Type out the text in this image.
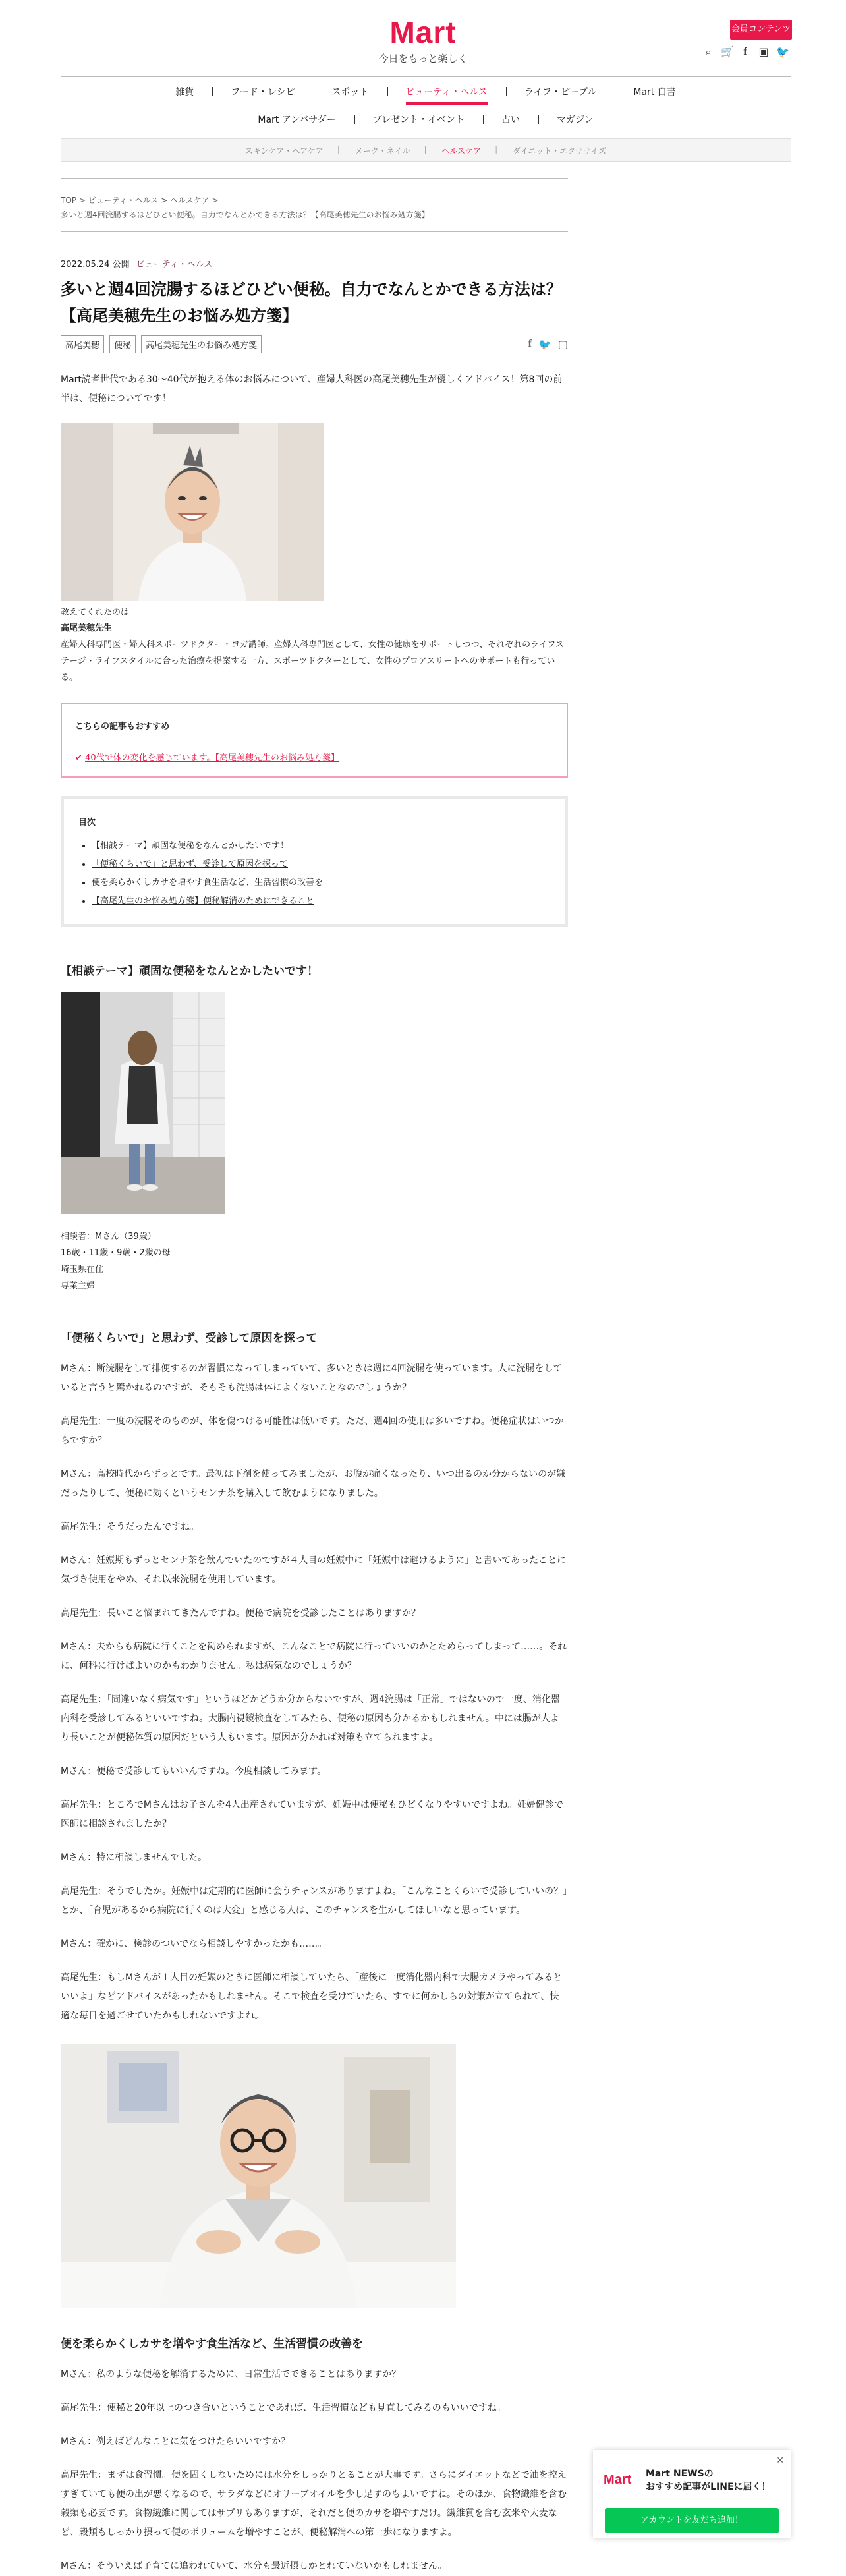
Mart
今日をもっと楽しく
会員コンテンツ
⌕ 🛒 f	▣ 🐦
雑貨	フード・レシピ	スポット	ビューティ・ヘルス	ライフ・ピープル	Mart 白書
Mart アンバサダー	プレゼント・イベント	占い	マガジン
スキンケア・ヘアケア	| メーク・ネイル	| ヘルスケア	| ダイエット・エクササイズ
TOP > ビューティ・ヘルス > ヘルスケア >
多いと週4回浣腸するほどひどい便秘。自力でなんとかできる方法は？【高尾美穂先生のお悩み処方箋】
2022.05.24 公開 ビューティ・ヘルス
多いと週4回浣腸するほどひどい便秘。自力でなんとかできる方法は？【高尾美穂先生のお悩み処方箋】
高尾美穂	便秘	高尾美穂先生のお悩み処方箋	f 🐦 ▢

Mart読者世代である30〜40代が抱える体のお悩みについて、産婦人科医の高尾美穂先生が優しくアドバイス！第8回の前半は、便秘についてです！

教えてくれたのは
高尾美穂先生
産婦人科専門医・婦人科スポーツドクター・ヨガ講師。産婦人科専門医として、女性の健康をサポートしつつ、それぞれのライフステージ・ライフスタイルに合った治療を提案する一方、スポーツドクターとして、女性のプロアスリートへのサポートも行っている。
こちらの記事もおすすめ
✔ 40代で体の変化を感じています。【高尾美穂先生のお悩み処方箋】
目次
• 【相談テーマ】頑固な便秘をなんとかしたいです！
• 「便秘くらいで」と思わず、受診して原因を探って
• 便を柔らかくしカサを増やす食生活など、生活習慣の改善を
• 【高尾先生のお悩み処方箋】便秘解消のためにできること
【相談テーマ】頑固な便秘をなんとかしたいです！
相談者：Mさん（39歳）
16歳・11歳・9歳・2歳の母
埼玉県在住
専業主婦
「便秘くらいで」と思わず、受診して原因を探って

Mさん：断浣腸をして排便するのが習慣になってしまっていて、多いときは週に4回浣腸を使っています。人に浣腸をしていると言うと驚かれるのですが、そもそも浣腸は体によくないことなのでしょうか？

高尾先生：一度の浣腸そのものが、体を傷つける可能性は低いです。ただ、週4回の使用は多いですね。便秘症状はいつからですか？

Mさん：高校時代からずっとです。最初は下剤を使ってみましたが、お腹が痛くなったり、いつ出るのか分からないのが嫌だったりして、便秘に効くというセンナ茶を購入して飲むようになりました。

高尾先生：そうだったんですね。

Mさん：妊娠期もずっとセンナ茶を飲んでいたのですが４人目の妊娠中に「妊娠中は避けるように」と書いてあったことに気づき使用をやめ、それ以来浣腸を使用しています。

高尾先生：長いこと悩まれてきたんですね。便秘で病院を受診したことはありますか？

Mさん：夫からも病院に行くことを勧められますが、こんなことで病院に行っていいのかとためらってしまって……。それに、何科に行けばよいのかもわかりません。私は病気なのでしょうか？

高尾先生：「間違いなく病気です」というほどかどうか分からないですが、週4浣腸は「正常」ではないので一度、消化器内科を受診してみるといいですね。大腸内視鏡検査をしてみたら、便秘の原因も分かるかもしれません。中には腸が人より長いことが便秘体質の原因だという人もいます。原因が分かれば対策も立てられますよ。

Mさん：便秘で受診してもいいんですね。今度相談してみます。

高尾先生：ところでMさんはお子さんを4人出産されていますが、妊娠中は便秘もひどくなりやすいですよね。妊婦健診で医師に相談されましたか？

Mさん：特に相談しませんでした。

高尾先生：そうでしたか。妊娠中は定期的に医師に会うチャンスがありますよね。「こんなことくらいで受診していいの？」とか、「育児があるから病院に行くのは大変」と感じる人は、このチャンスを生かしてほしいなと思っています。

Mさん：確かに、検診のついでなら相談しやすかったかも……。

高尾先生：もしMさんが１人目の妊娠のときに医師に相談していたら、「産後に一度消化器内科で大腸カメラやってみるといいよ」などアドバイスがあったかもしれません。そこで検査を受けていたら、すでに何かしらの対策が立てられて、快適な毎日を過ごせていたかもしれないですよね。

便を柔らかくしカサを増やす食生活など、生活習慣の改善を

Mさん：私のような便秘を解消するために、日常生活でできることはありますか？

高尾先生：便秘と20年以上のつき合いということであれば、生活習慣なども見直してみるのもいいですね。

Mさん：例えばどんなことに気をつけたらいいですか？

高尾先生：まずは食習慣。便を固くしないためには水分をしっかりとることが大事です。さらにダイエットなどで油を控えすぎていても便の出が悪くなるので、サラダなどにオリーブオイルを少し足すのもよいですね。そのほか、食物繊維を含む穀類も必要です。食物繊維に関してはサプリもありますが、それだと便のカサを増やすだけ。繊維質を含む玄米や大麦など、穀類もしっかり摂って便のボリュームを増やすことが、便秘解消への第一歩になりますよ。

Mさん：そういえば子育てに追われていて、水分も最近摂しかとれていないかもしれません。

✕
Mart Mart NEWSの
おすすめ記事がLINEに届く！
アカウントを友だち追加！
